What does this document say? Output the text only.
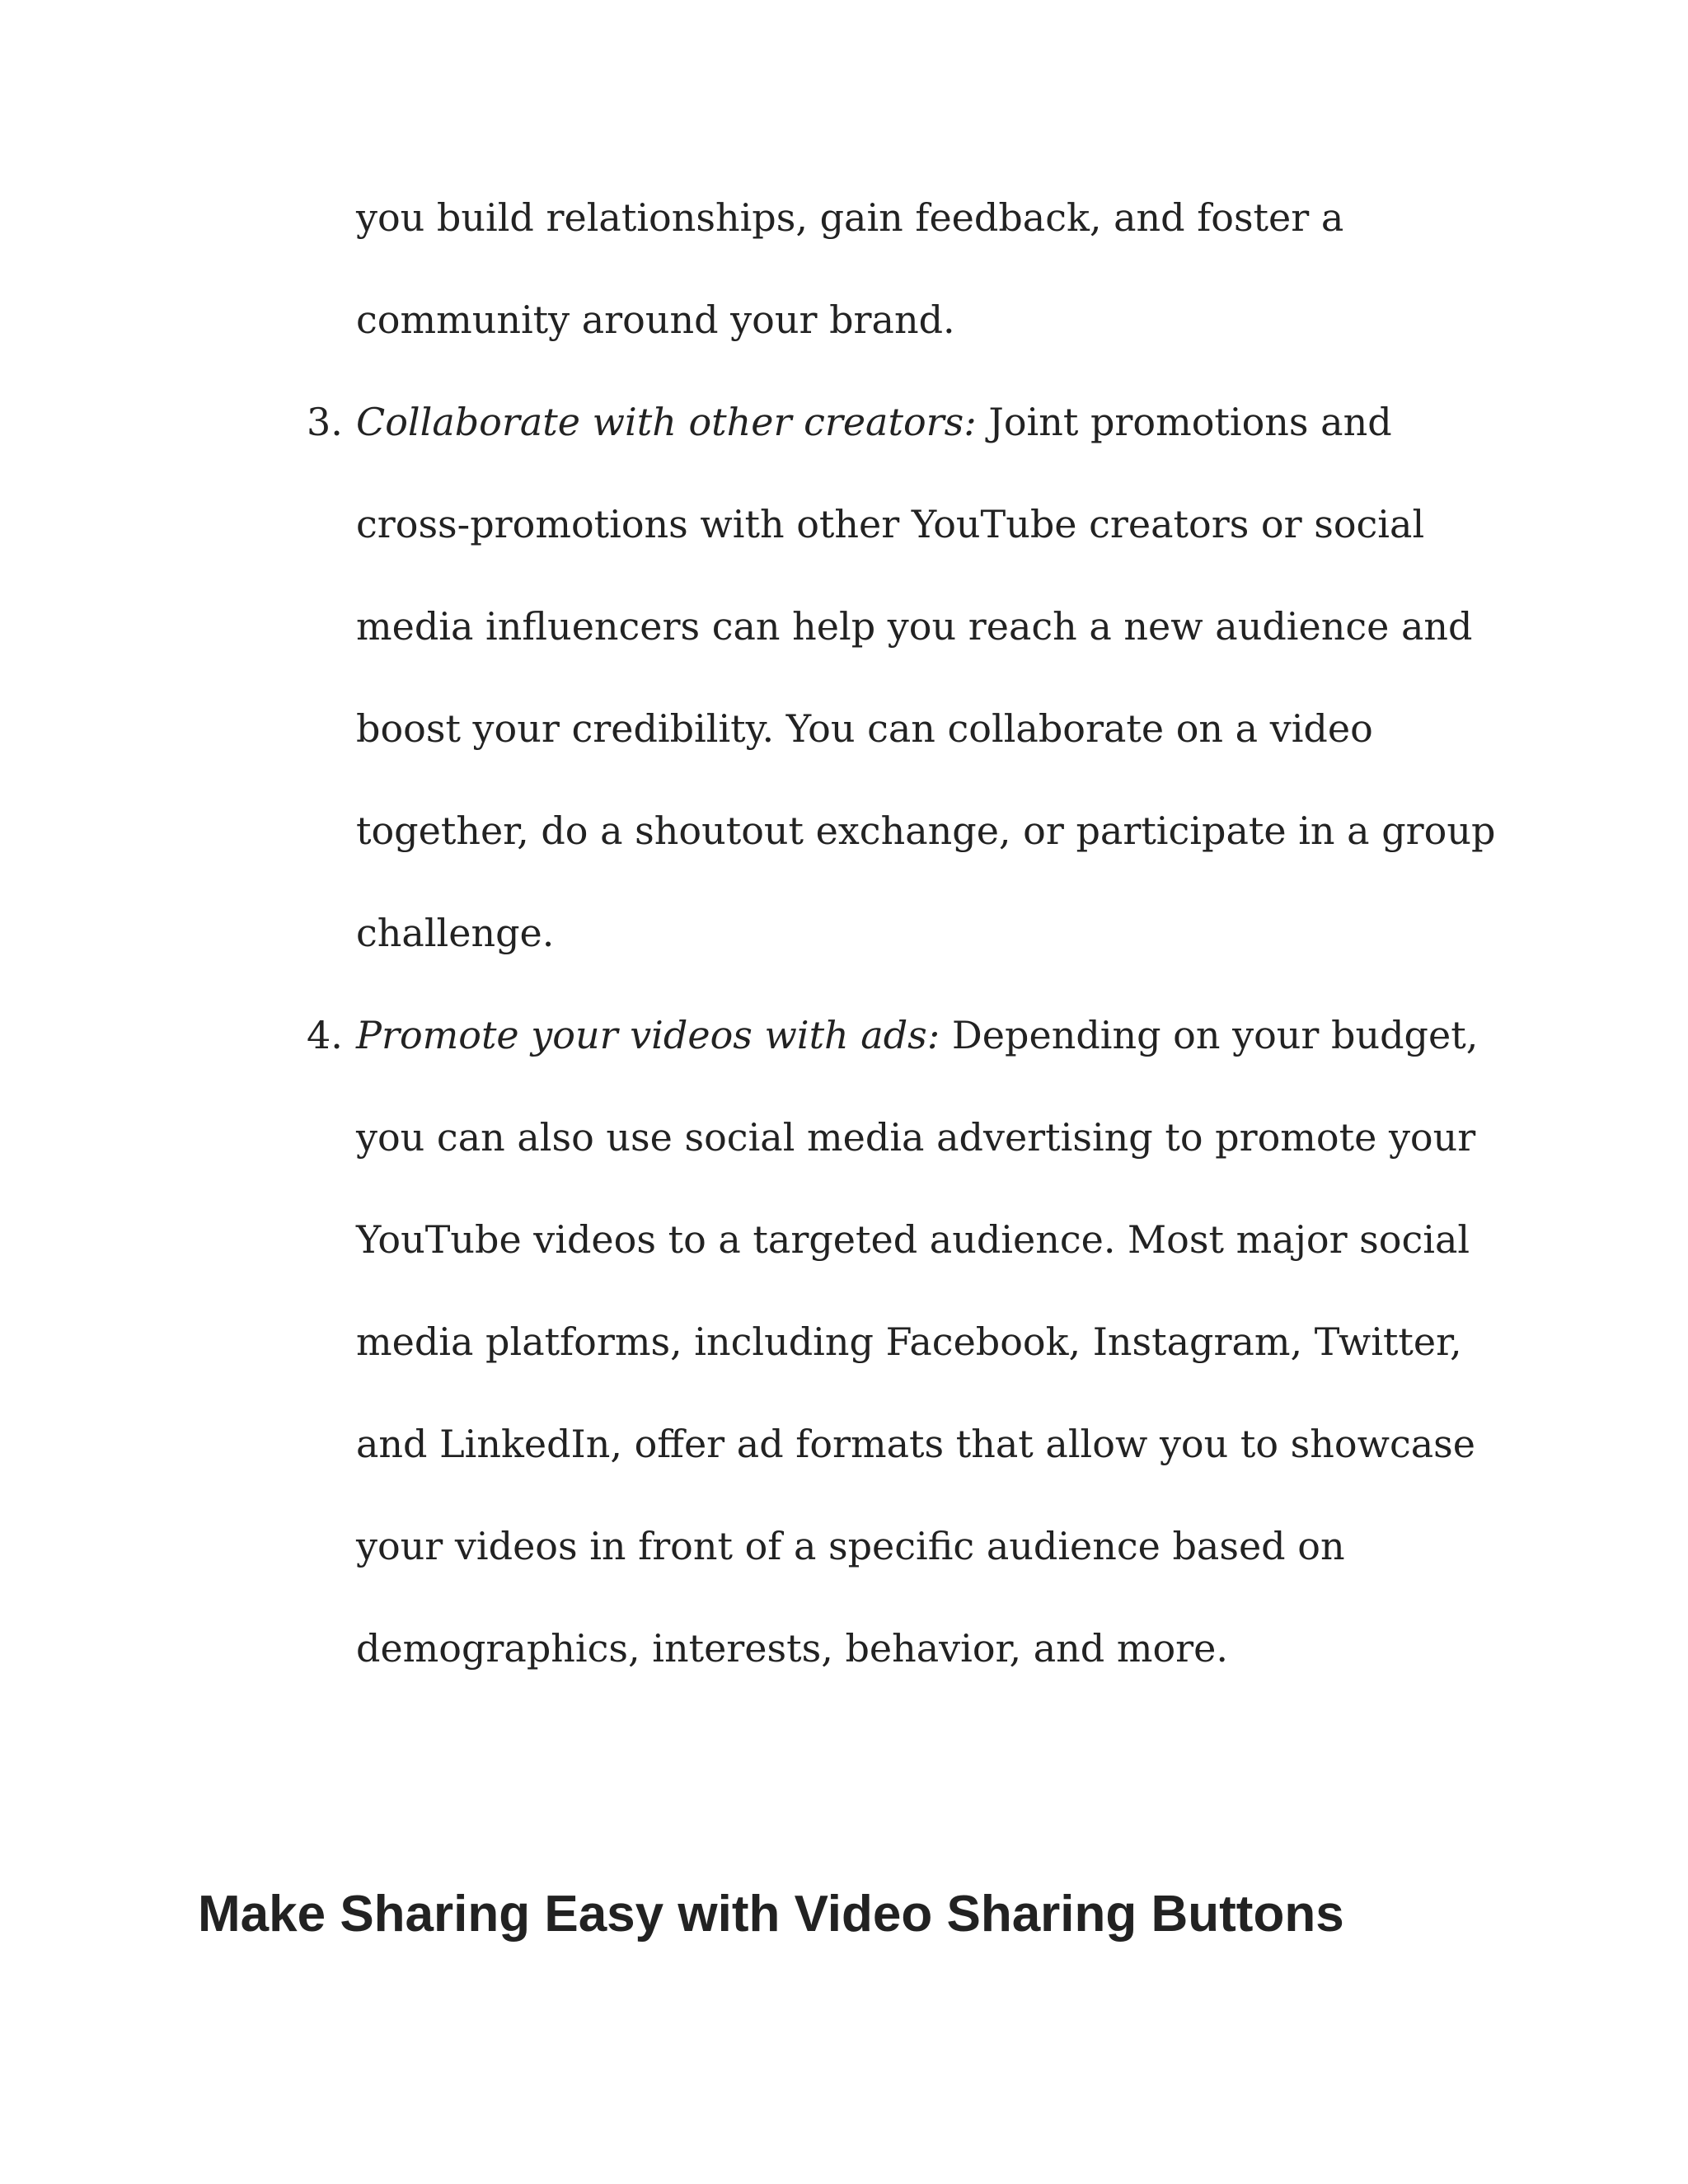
you build relationships, gain feedback, and foster a community around your brand.
3. Collaborate with other creators: Joint promotions and cross-promotions with other YouTube creators or social media influencers can help you reach a new audience and boost your credibility. You can collaborate on a video together, do a shoutout exchange, or participate in a group challenge.
4. Promote your videos with ads: Depending on your budget, you can also use social media advertising to promote your YouTube videos to a targeted audience. Most major social media platforms, including Facebook, Instagram, Twitter, and LinkedIn, offer ad formats that allow you to showcase your videos in front of a specific audience based on demographics, interests, behavior, and more.
Make Sharing Easy with Video Sharing Buttons
